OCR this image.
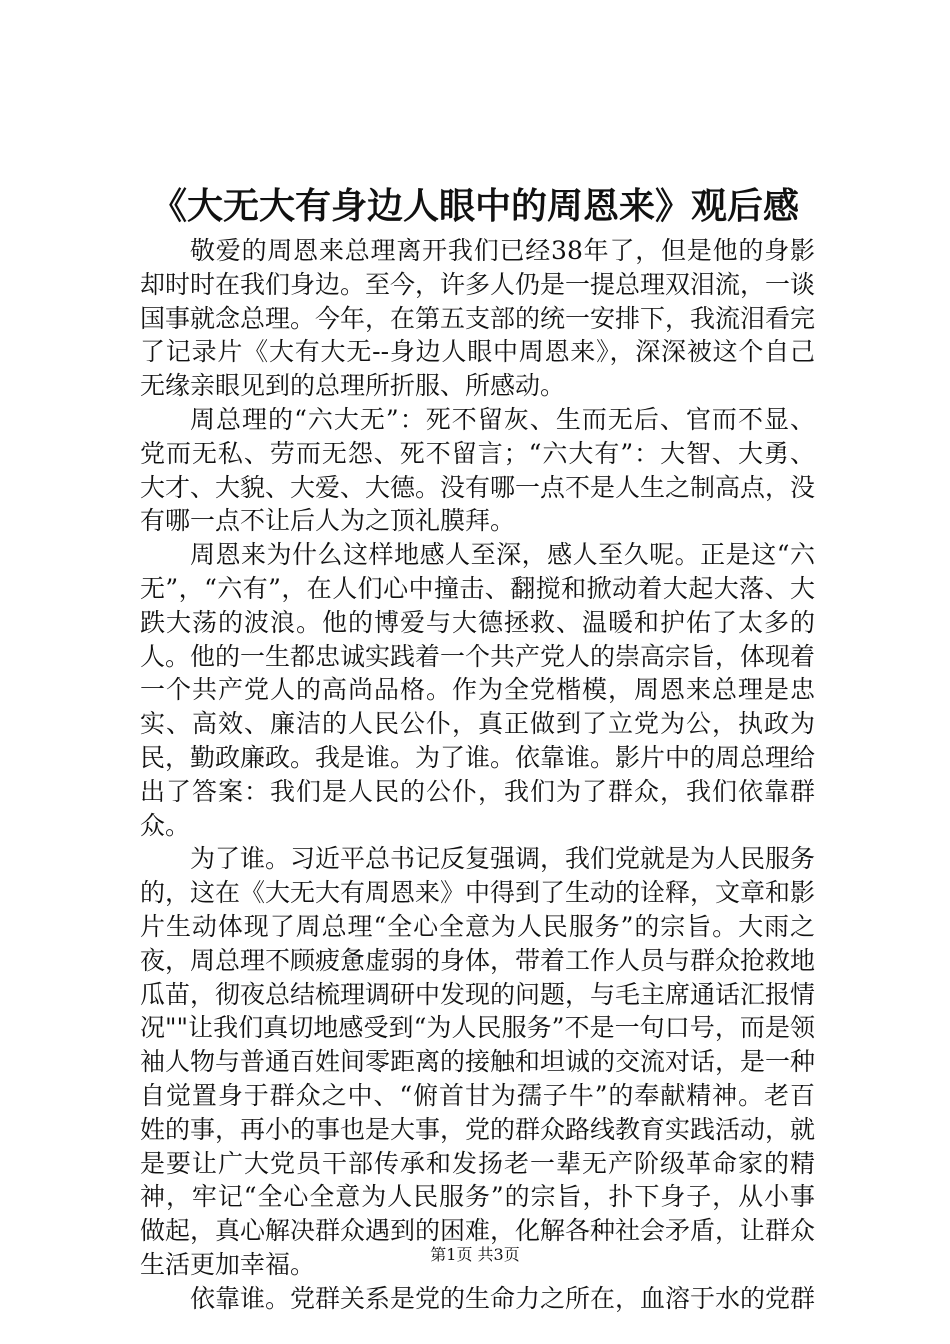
《大无大有身边人眼中的周恩来》观后感

敬爱的周恩来总理离开我们已经38年了，但是他的身影却时时在我们身边。至今，许多人仍是一提总理双泪流，一谈国事就念总理。今年，在第五支部的统一安排下，我流泪看完了记录片《大有大无--身边人眼中周恩来》，深深被这个自己无缘亲眼见到的总理所折服、所感动。

周总理的“六大无”：死不留灰、生而无后、官而不显、党而无私、劳而无怨、死不留言；“六大有”：大智、大勇、大才、大貌、大爱、大德。没有哪一点不是人生之制高点，没有哪一点不让后人为之顶礼膜拜。

周恩来为什么这样地感人至深，感人至久呢。正是这“六无”，“六有”，在人们心中撞击、翻搅和掀动着大起大落、大跌大荡的波浪。他的博爱与大德拯救、温暖和护佑了太多的人。他的一生都忠诚实践着一个共产党人的崇高宗旨，体现着一个共产党人的高尚品格。作为全党楷模，周恩来总理是忠实、高效、廉洁的人民公仆，真正做到了立党为公，执政为民，勤政廉政。我是谁。为了谁。依靠谁。影片中的周总理给出了答案：我们是人民的公仆，我们为了群众，我们依靠群众。

为了谁。习近平总书记反复强调，我们党就是为人民服务的，这在《大无大有周恩来》中得到了生动的诠释，文章和影片生动体现了周总理“全心全意为人民服务”的宗旨。大雨之夜，周总理不顾疲惫虚弱的身体，带着工作人员与群众抢救地瓜苗，彻夜总结梳理调研中发现的问题，与毛主席通话汇报情况""让我们真切地感受到“为人民服务”不是一句口号，而是领袖人物与普通百姓间零距离的接触和坦诚的交流对话，是一种自觉置身于群众之中、“俯首甘为孺子牛”的奉献精神。老百姓的事，再小的事也是大事，党的群众路线教育实践活动，就是要让广大党员干部传承和发扬老一辈无产阶级革命家的精神，牢记“全心全意为人民服务”的宗旨，扑下身子，从小事做起，真心解决群众遇到的困难，化解各种社会矛盾，让群众生活更加幸福。

依靠谁。党群关系是党的生命力之所在，血溶于水的党群

第1页 共3页
